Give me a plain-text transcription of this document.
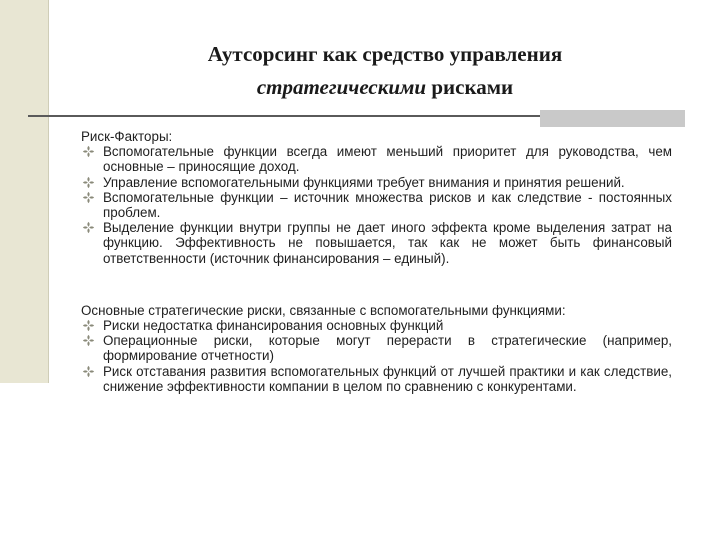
Аутсорсинг как средство управления
стратегическими рисками

Риск-Факторы:

Вспомогательные функции всегда имеют меньший приоритет для руководства, чем основные – приносящие доход.
Управление вспомогательными функциями требует внимания и принятия решений.
Вспомогательные функции – источник множества рисков и как следствие - постоянных проблем.
Выделение функции внутри группы не дает иного эффекта кроме выделения затрат на функцию. Эффективность не повышается, так как не может быть финансовый ответственности (источник финансирования – единый).

Основные стратегические риски, связанные с вспомогательными функциями:

Риски недостатка финансирования основных функций
Операционные риски, которые могут перерасти в стратегические (например, формирование отчетности)
Риск отставания развития вспомогательных функций от лучшей практики и как следствие, снижение эффективности компании в целом по сравнению с конкурентами.
